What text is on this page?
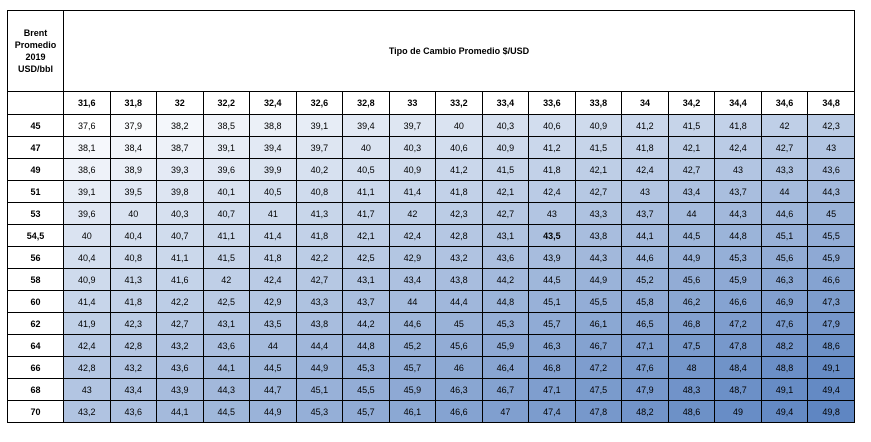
Brent Promedio 2019 USD/bbl	Tipo de Cambio Promedio $/USD																
	31,6	31,8	32	32,2	32,4	32,6	32,8	33	33,2	33,4	33,6	33,8	34	34,2	34,4	34,6	34,8
45	37,6	37,9	38,2	38,5	38,8	39,1	39,4	39,7	40	40,3	40,6	40,9	41,2	41,5	41,8	42	42,3
47	38,1	38,4	38,7	39,1	39,4	39,7	40	40,3	40,6	40,9	41,2	41,5	41,8	42,1	42,4	42,7	43
49	38,6	38,9	39,3	39,6	39,9	40,2	40,5	40,9	41,2	41,5	41,8	42,1	42,4	42,7	43	43,3	43,6
51	39,1	39,5	39,8	40,1	40,5	40,8	41,1	41,4	41,8	42,1	42,4	42,7	43	43,4	43,7	44	44,3
53	39,6	40	40,3	40,7	41	41,3	41,7	42	42,3	42,7	43	43,3	43,7	44	44,3	44,6	45
54,5	40	40,4	40,7	41,1	41,4	41,8	42,1	42,4	42,8	43,1	43,5	43,8	44,1	44,5	44,8	45,1	45,5
56	40,4	40,8	41,1	41,5	41,8	42,2	42,5	42,9	43,2	43,6	43,9	44,3	44,6	44,9	45,3	45,6	45,9
58	40,9	41,3	41,6	42	42,4	42,7	43,1	43,4	43,8	44,2	44,5	44,9	45,2	45,6	45,9	46,3	46,6
60	41,4	41,8	42,2	42,5	42,9	43,3	43,7	44	44,4	44,8	45,1	45,5	45,8	46,2	46,6	46,9	47,3
62	41,9	42,3	42,7	43,1	43,5	43,8	44,2	44,6	45	45,3	45,7	46,1	46,5	46,8	47,2	47,6	47,9
64	42,4	42,8	43,2	43,6	44	44,4	44,8	45,2	45,6	45,9	46,3	46,7	47,1	47,5	47,8	48,2	48,6
66	42,8	43,2	43,6	44,1	44,5	44,9	45,3	45,7	46	46,4	46,8	47,2	47,6	48	48,4	48,8	49,1
68	43	43,4	43,9	44,3	44,7	45,1	45,5	45,9	46,3	46,7	47,1	47,5	47,9	48,3	48,7	49,1	49,4
70	43,2	43,6	44,1	44,5	44,9	45,3	45,7	46,1	46,6	47	47,4	47,8	48,2	48,6	49	49,4	49,8
